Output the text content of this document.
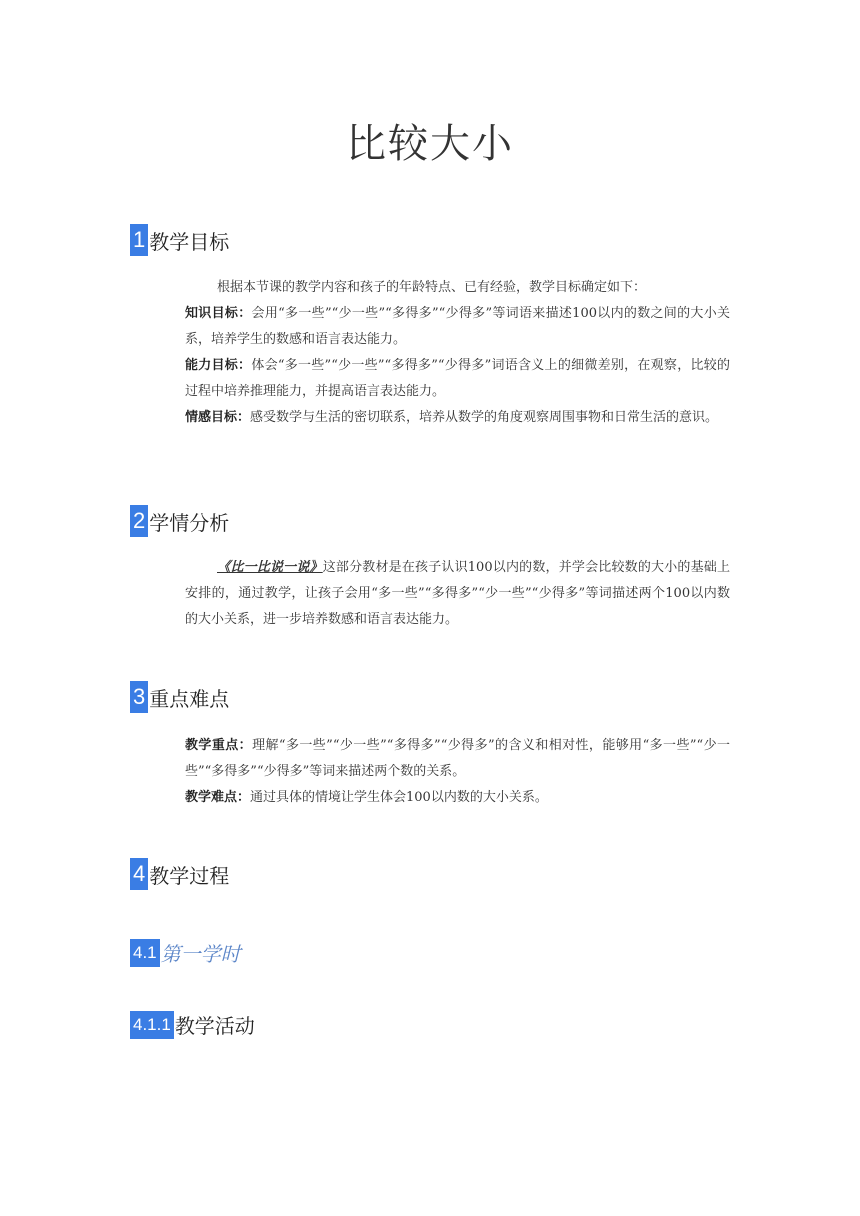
比较大小
1 教学目标
根据本节课的教学内容和孩子的年龄特点、已有经验，教学目标确定如下：
知识目标：会用“多一些”“少一些”“多得多”“少得多”等词语来描述100以内的数之间的大小关系，培养学生的数感和语言表达能力。
能力目标：体会“多一些”“少一些”“多得多”“少得多”词语含义上的细微差别，在观察，比较的过程中培养推理能力，并提高语言表达能力。
情感目标：感受数学与生活的密切联系，培养从数学的角度观察周围事物和日常生活的意识。
2 学情分析
《比一比说一说》这部分教材是在孩子认识100以内的数，并学会比较数的大小的基础上安排的，通过教学，让孩子会用“多一些”“多得多”“少一些”“少得多”等词描述两个100以内数的大小关系，进一步培养数感和语言表达能力。
3 重点难点
教学重点：理解“多一些”“少一些”“多得多”“少得多”的含义和相对性，能够用“多一些”“少一些”“多得多”“少得多”等词来描述两个数的关系。
教学难点：通过具体的情境让学生体会100以内数的大小关系。
4 教学过程
4.1 第一学时
4.1.1 教学活动
